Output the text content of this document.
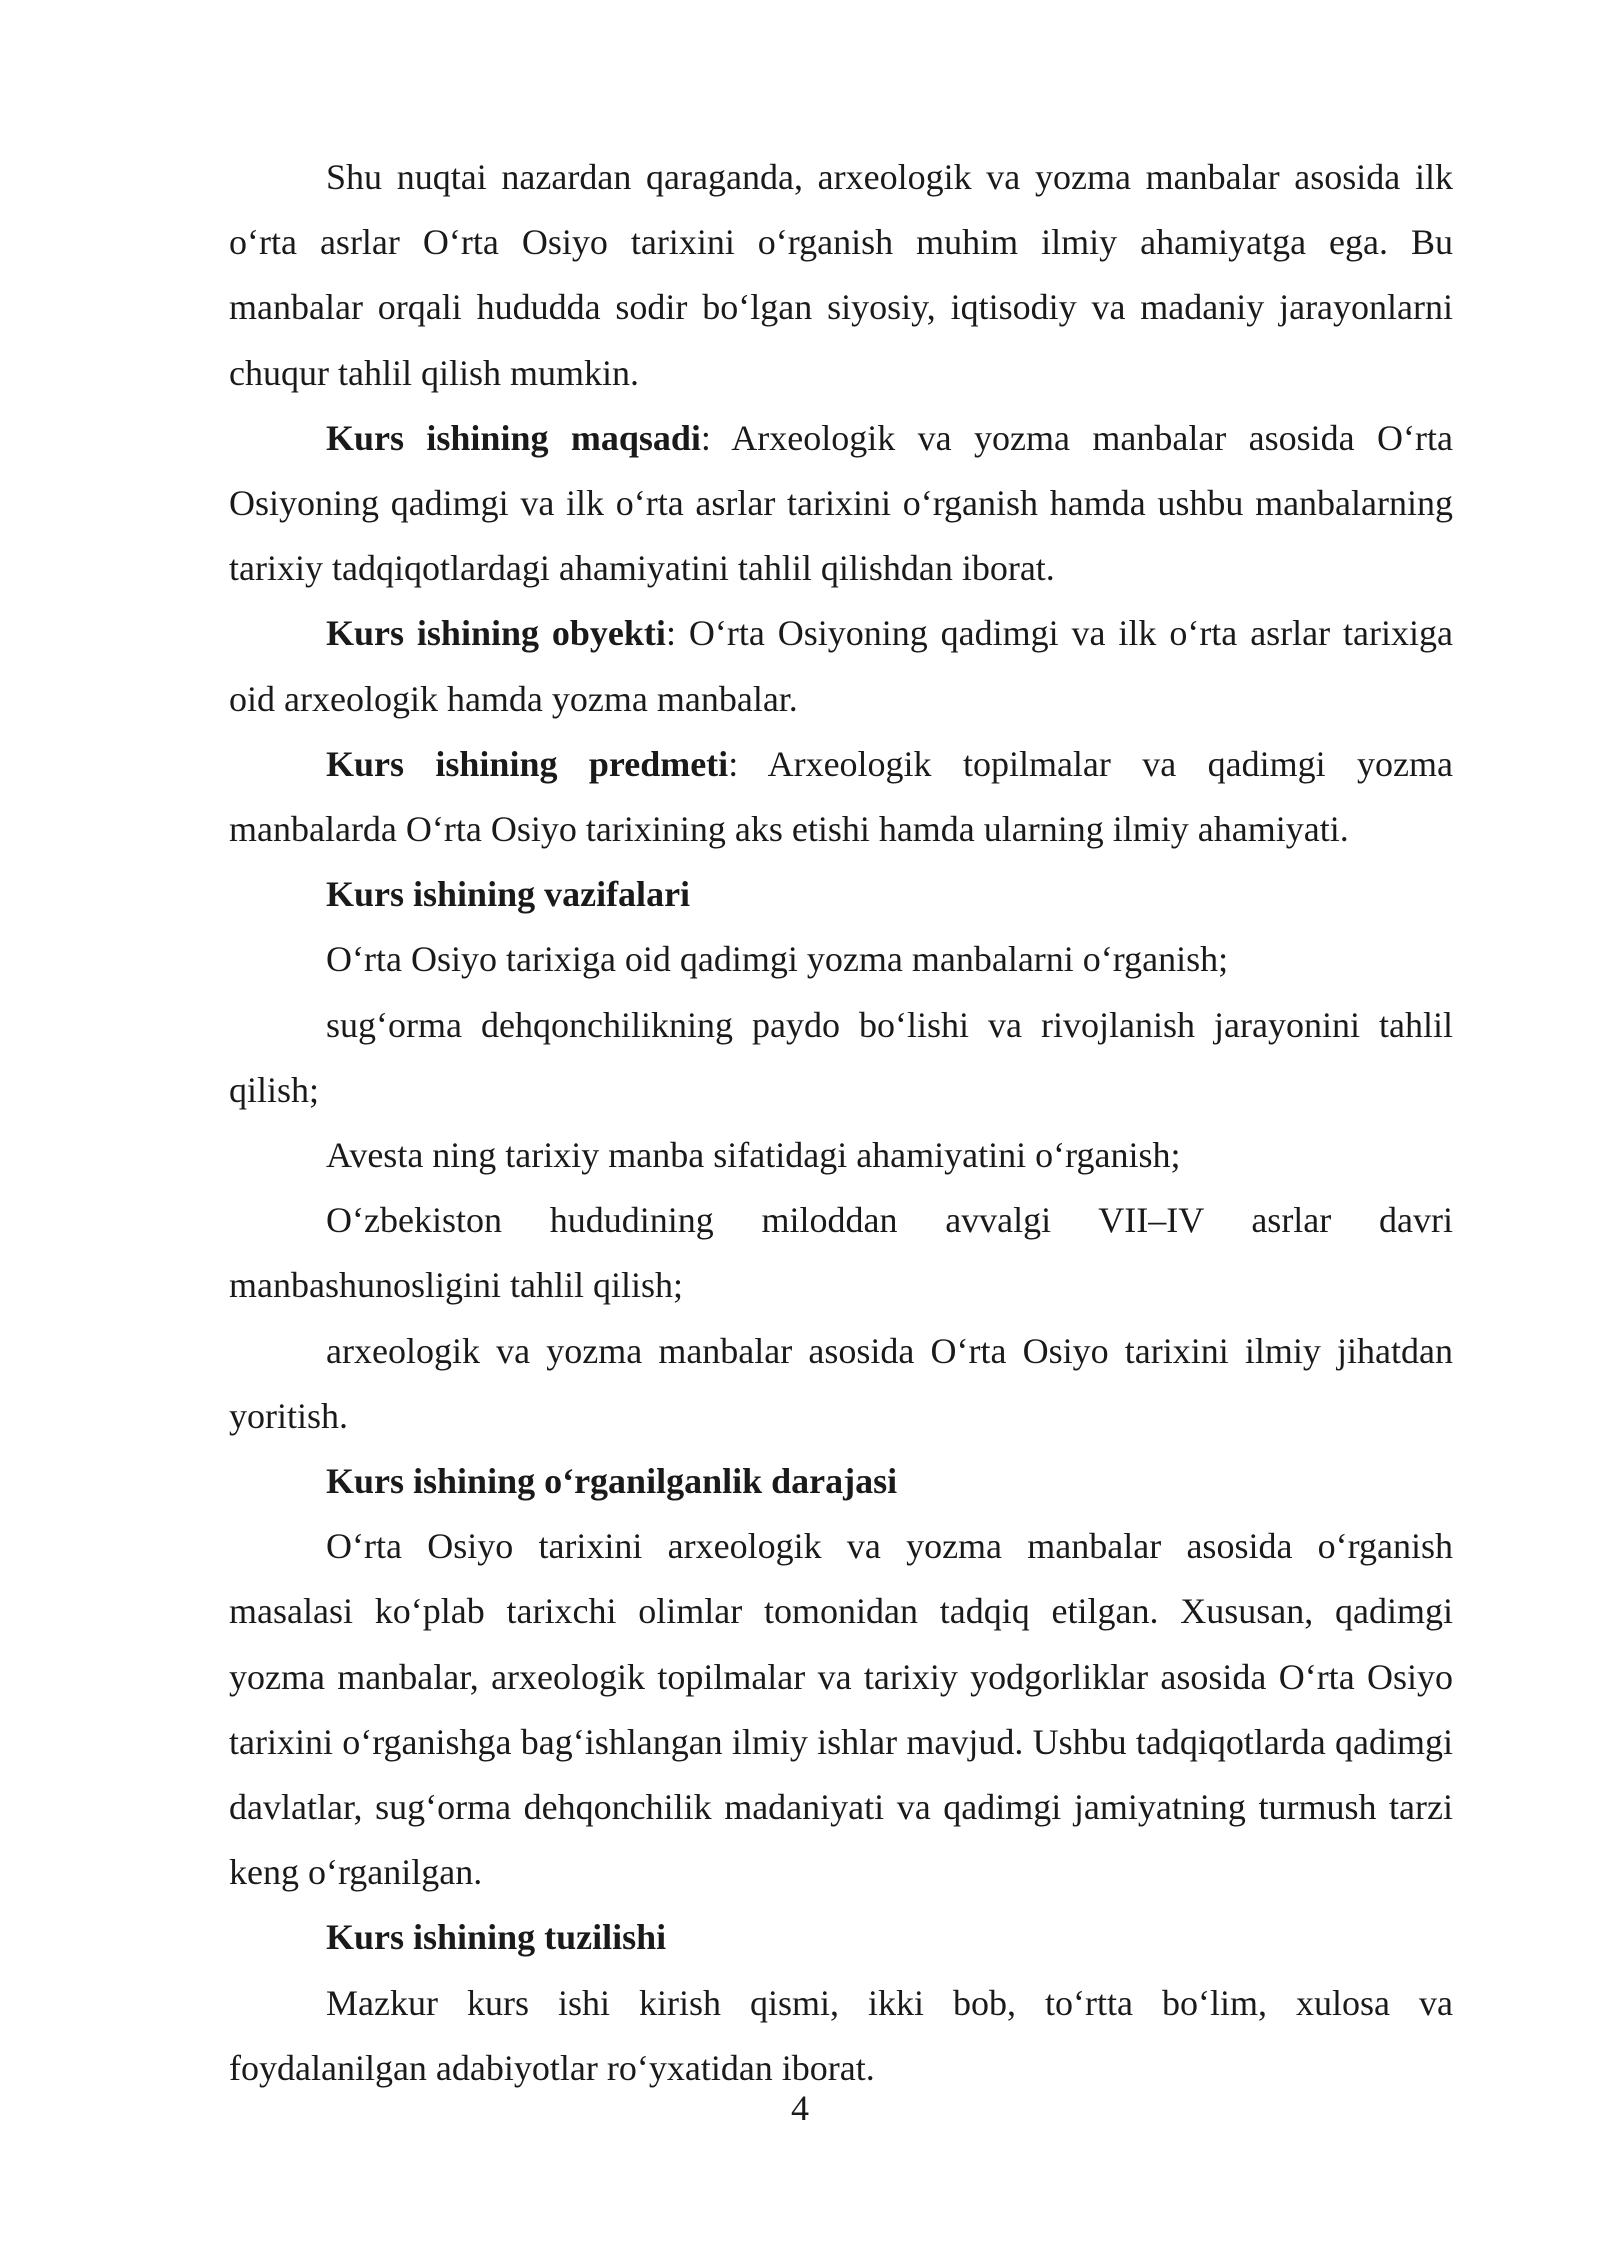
Shu nuqtai nazardan qaraganda, arxeologik va yozma manbalar asosida ilk o‘rta asrlar O‘rta Osiyo tarixini o‘rganish muhim ilmiy ahamiyatga ega. Bu manbalar orqali hududda sodir bo‘lgan siyosiy, iqtisodiy va madaniy jarayonlarni chuqur tahlil qilish mumkin.

Kurs ishining maqsadi: Arxeologik va yozma manbalar asosida O‘rta Osiyoning qadimgi va ilk o‘rta asrlar tarixini o‘rganish hamda ushbu manbalarning tarixiy tadqiqotlardagi ahamiyatini tahlil qilishdan iborat.

Kurs ishining obyekti: O‘rta Osiyoning qadimgi va ilk o‘rta asrlar tarixiga oid arxeologik hamda yozma manbalar.

Kurs ishining predmeti: Arxeologik topilmalar va qadimgi yozma manbalarda O‘rta Osiyo tarixining aks etishi hamda ularning ilmiy ahamiyati.

Kurs ishining vazifalari

O‘rta Osiyo tarixiga oid qadimgi yozma manbalarni o‘rganish;

sug‘orma dehqonchilikning paydo bo‘lishi va rivojlanish jarayonini tahlil qilish;

Avesta ning tarixiy manba sifatidagi ahamiyatini o‘rganish;

O‘zbekiston hududining miloddan avvalgi VII–IV asrlar davri manbashunosligini tahlil qilish;

arxeologik va yozma manbalar asosida O‘rta Osiyo tarixini ilmiy jihatdan yoritish.

Kurs ishining o‘rganilganlik darajasi

O‘rta Osiyo tarixini arxeologik va yozma manbalar asosida o‘rganish masalasi ko‘plab tarixchi olimlar tomonidan tadqiq etilgan. Xususan, qadimgi yozma manbalar, arxeologik topilmalar va tarixiy yodgorliklar asosida O‘rta Osiyo tarixini o‘rganishga bag‘ishlangan ilmiy ishlar mavjud. Ushbu tadqiqotlarda qadimgi davlatlar, sug‘orma dehqonchilik madaniyati va qadimgi jamiyatning turmush tarzi keng o‘rganilgan.

Kurs ishining tuzilishi

Mazkur kurs ishi kirish qismi, ikki bob, to‘rtta bo‘lim, xulosa va foydalanilgan adabiyotlar ro‘yxatidan iborat.

4
